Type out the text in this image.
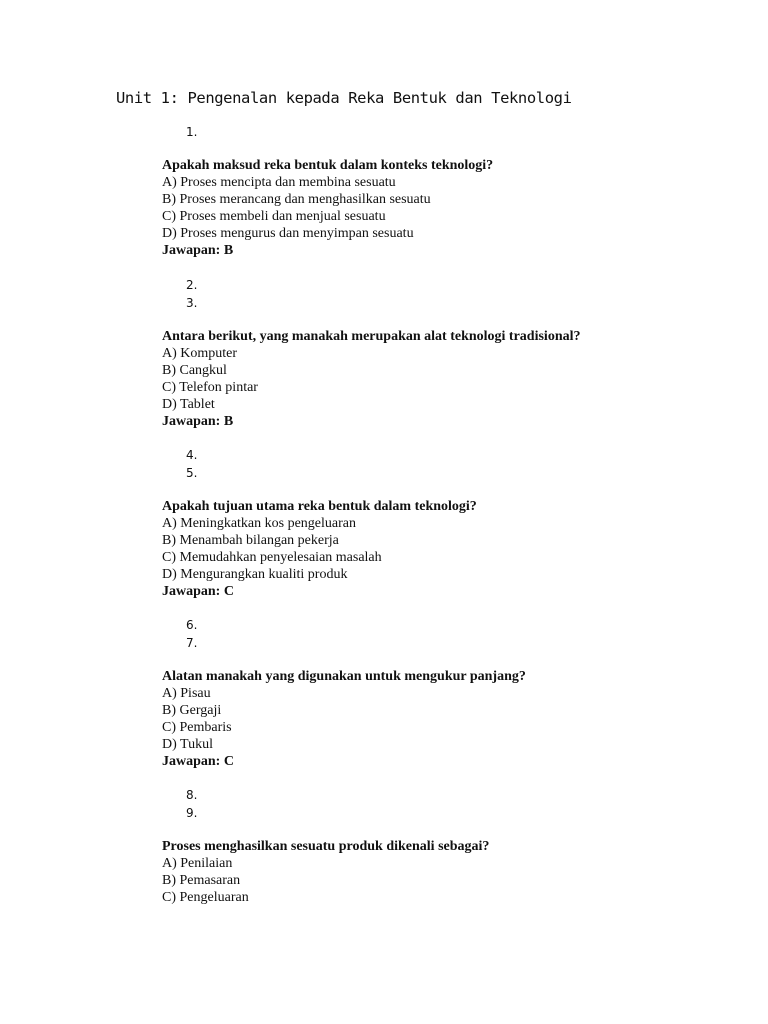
Unit 1: Pengenalan kepada Reka Bentuk dan Teknologi
1.
Apakah maksud reka bentuk dalam konteks teknologi?
A) Proses mencipta dan membina sesuatu
B) Proses merancang dan menghasilkan sesuatu
C) Proses membeli dan menjual sesuatu
D) Proses mengurus dan menyimpan sesuatu
Jawapan: B
2.
3.
Antara berikut, yang manakah merupakan alat teknologi tradisional?
A) Komputer
B) Cangkul
C) Telefon pintar
D) Tablet
Jawapan: B
4.
5.
Apakah tujuan utama reka bentuk dalam teknologi?
A) Meningkatkan kos pengeluaran
B) Menambah bilangan pekerja
C) Memudahkan penyelesaian masalah
D) Mengurangkan kualiti produk
Jawapan: C
6.
7.
Alatan manakah yang digunakan untuk mengukur panjang?
A) Pisau
B) Gergaji
C) Pembaris
D) Tukul
Jawapan: C
8.
9.
Proses menghasilkan sesuatu produk dikenali sebagai?
A) Penilaian
B) Pemasaran
C) Pengeluaran
